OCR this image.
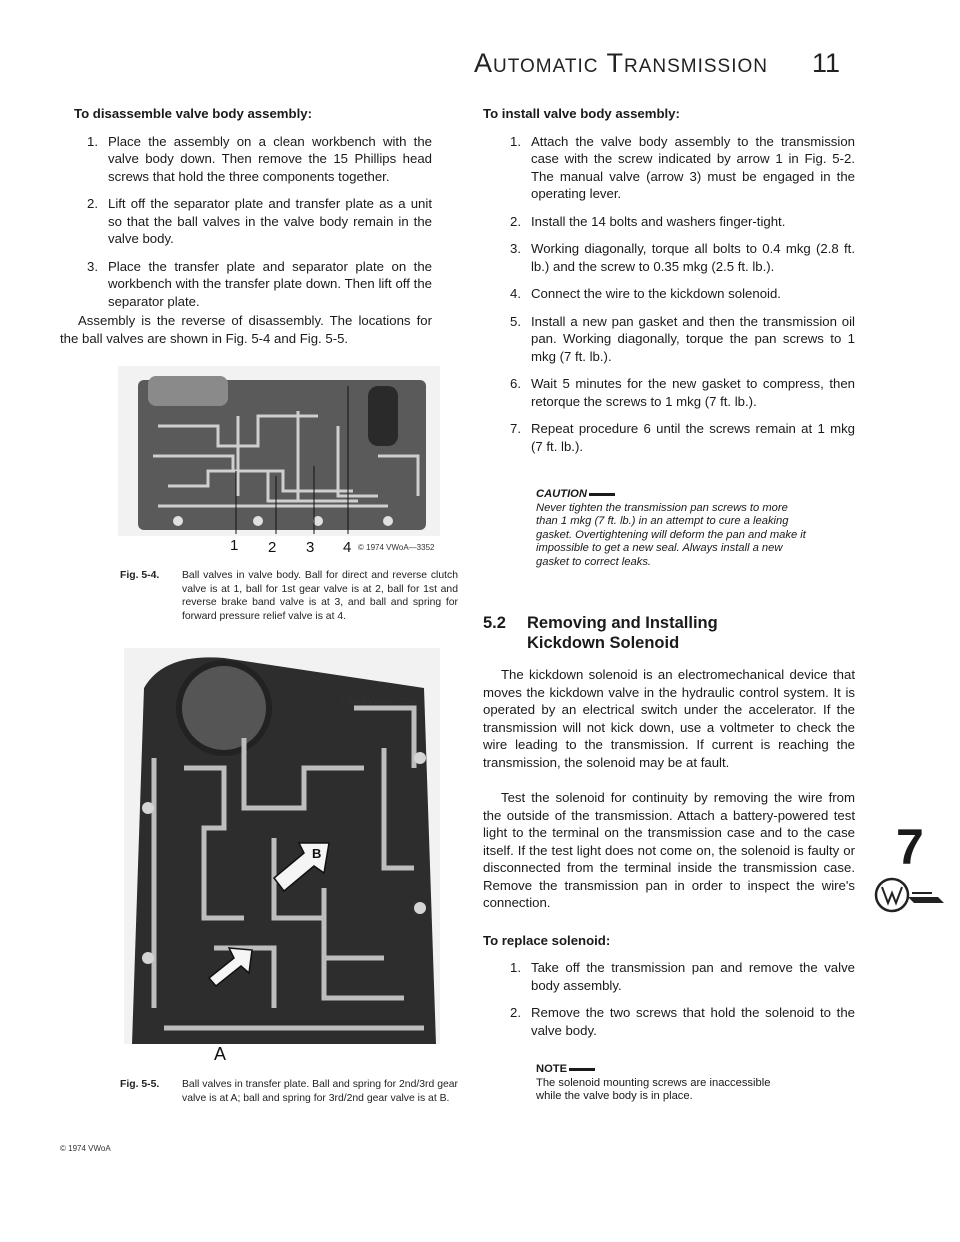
Automatic Transmission 11
To disassemble valve body assembly:
1. Place the assembly on a clean workbench with the valve body down. Then remove the 15 Phillips head screws that hold the three components together.
2. Lift off the separator plate and transfer plate as a unit so that the ball valves in the valve body remain in the valve body.
3. Place the transfer plate and separator plate on the workbench with the transfer plate down. Then lift off the separator plate.

Assembly is the reverse of disassembly. The locations for the ball valves are shown in Fig. 5-4 and Fig. 5-5.

1 2 3 4 © 1974 VWoA—3352
Fig. 5-4. Ball valves in valve body. Ball for direct and reverse clutch valve is at 1, ball for 1st gear valve is at 2, ball for 1st and reverse brake band valve is at 3, and ball and spring for forward pressure relief valve is at 4.
© 1974 VWoA—3350
B
A
Fig. 5-5. Ball valves in transfer plate. Ball and spring for 2nd/3rd gear valve is at A; ball and spring for 3rd/2nd gear valve is at B.
© 1974 VWoA
To install valve body assembly:
1. Attach the valve body assembly to the transmission case with the screw indicated by arrow 1 in Fig. 5-2. The manual valve (arrow 3) must be engaged in the operating lever.
2. Install the 14 bolts and washers finger-tight.
3. Working diagonally, torque all bolts to 0.4 mkg (2.8 ft. lb.) and the screw to 0.35 mkg (2.5 ft. lb.).
4. Connect the wire to the kickdown solenoid.
5. Install a new pan gasket and then the transmission oil pan. Working diagonally, torque the pan screws to 1 mkg (7 ft. lb.).
6. Wait 5 minutes for the new gasket to compress, then retorque the screws to 1 mkg (7 ft. lb.).
7. Repeat procedure 6 until the screws remain at 1 mkg (7 ft. lb.).
CAUTION
Never tighten the transmission pan screws to more than 1 mkg (7 ft. lb.) in an attempt to cure a leaking gasket. Overtightening will deform the pan and make it impossible to get a new seal. Always install a new gasket to correct leaks.
5.2 Removing and Installing
Kickdown Solenoid

The kickdown solenoid is an electromechanical device that moves the kickdown valve in the hydraulic control system. It is operated by an electrical switch under the accelerator. If the transmission will not kick down, use a voltmeter to check the wire leading to the transmission. If current is reaching the transmission, the solenoid may be at fault.

Test the solenoid for continuity by removing the wire from the outside of the transmission. Attach a battery-powered test light to the terminal on the transmission case and to the case itself. If the test light does not come on, the solenoid is faulty or disconnected from the terminal inside the transmission case. Remove the transmission pan in order to inspect the wire's connection.

To replace solenoid:
1. Take off the transmission pan and remove the valve body assembly.
2. Remove the two screws that hold the solenoid to the valve body.
NOTE
The solenoid mounting screws are inaccessible while the valve body is in place.
7
